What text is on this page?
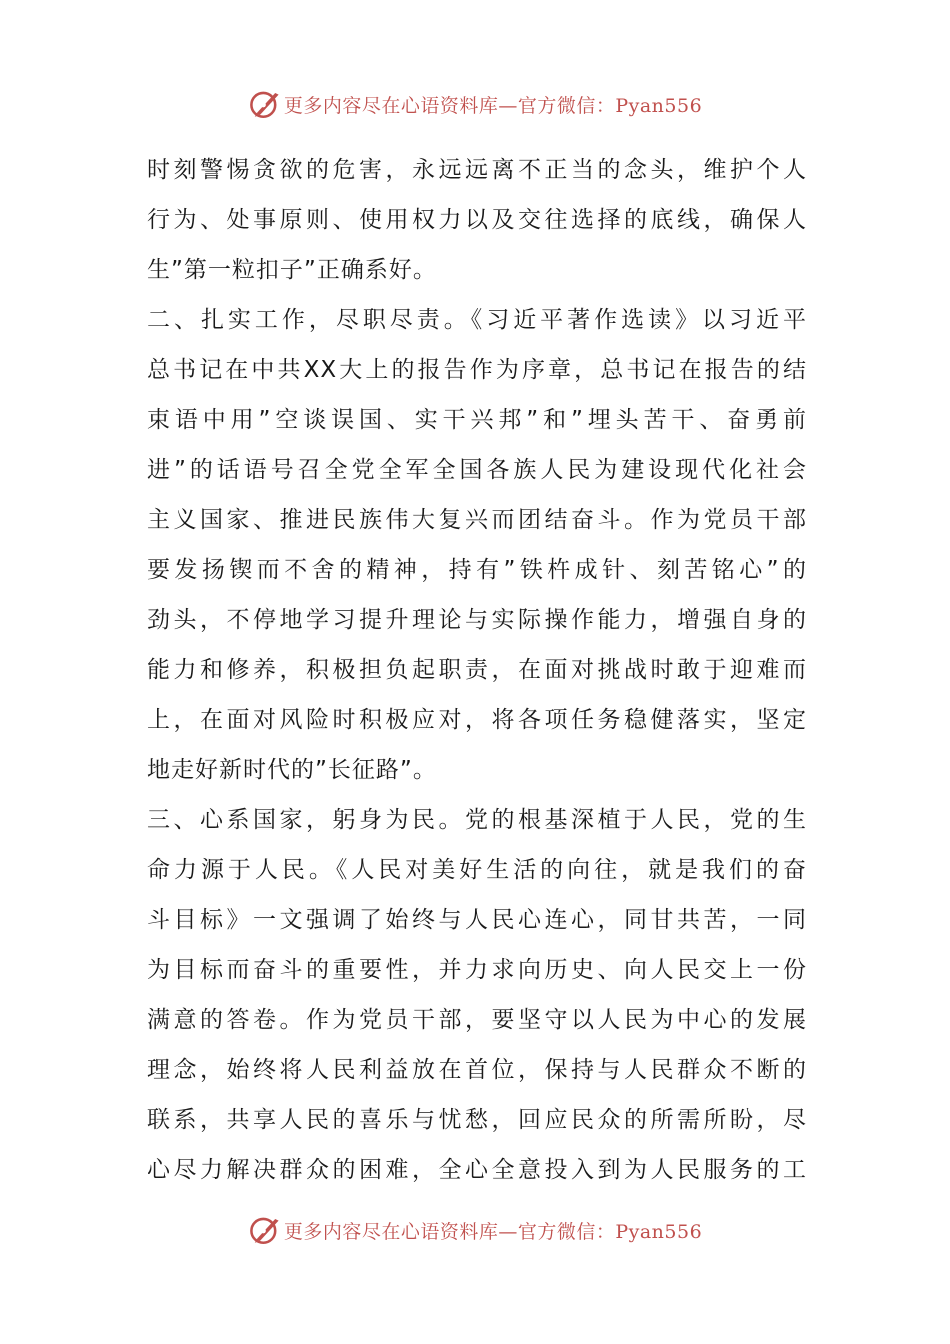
更多内容尽在心语资料库—官方微信：Pyan556
时刻警惕贪欲的危害，永远远离不正当的念头，维护个人
行为、处事原则、使用权力以及交往选择的底线，确保人
生”第一粒扣子”正确系好。
二、扎实工作，尽职尽责。《习近平著作选读》以习近平
总书记在中共XX大上的报告作为序章，总书记在报告的结
束语中用”空谈误国、实干兴邦”和”埋头苦干、奋勇前
进”的话语号召全党全军全国各族人民为建设现代化社会
主义国家、推进民族伟大复兴而团结奋斗。作为党员干部
要发扬锲而不舍的精神，持有”铁杵成针、刻苦铭心”的
劲头，不停地学习提升理论与实际操作能力，增强自身的
能力和修养，积极担负起职责，在面对挑战时敢于迎难而
上，在面对风险时积极应对，将各项任务稳健落实，坚定
地走好新时代的”长征路”。
三、心系国家，躬身为民。党的根基深植于人民，党的生
命力源于人民。《人民对美好生活的向往，就是我们的奋
斗目标》一文强调了始终与人民心连心，同甘共苦，一同
为目标而奋斗的重要性，并力求向历史、向人民交上一份
满意的答卷。作为党员干部，要坚守以人民为中心的发展
理念，始终将人民利益放在首位，保持与人民群众不断的
联系，共享人民的喜乐与忧愁，回应民众的所需所盼，尽
心尽力解决群众的困难，全心全意投入到为人民服务的工
更多内容尽在心语资料库—官方微信：Pyan556
